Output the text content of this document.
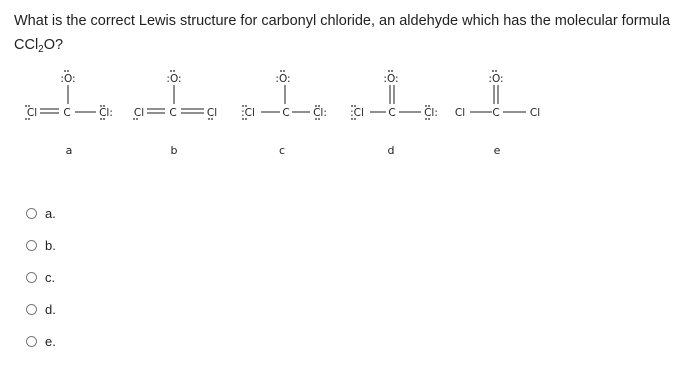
What is the correct Lewis structure for carbonyl chloride, an aldehyde which has the molecular formula CCl$_2$O?
:O:
Cl C	Cl:
:O:
Cl C	Cl
:O:
:Cl	C Cl:
:O:
:Cl C	Cl:
:O:
Cl	C	Cl
a	b	c	d	e
a.
b.
c.
d.
e.
